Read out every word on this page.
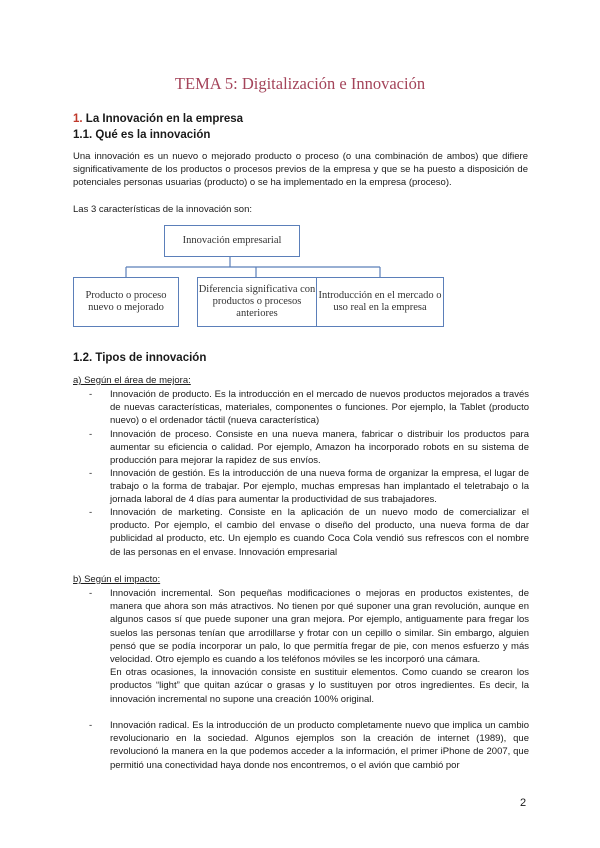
TEMA 5: Digitalización e Innovación
1. La Innovación en la empresa
1.1. Qué es la innovación

Una innovación es un nuevo o mejorado producto o proceso (o una combinación de ambos) que difiere significativamente de los productos o procesos previos de la empresa y que se ha puesto a disposición de potenciales personas usuarias (producto) o se ha implementado en la empresa (proceso).

Las 3 características de la innovación son:
Innovación empresarial
Producto o proceso nuevo o mejorado
Diferencia significativa con productos o procesos anteriores
Introducción en el mercado o uso real en la empresa
1.2. Tipos de innovación
a) Según el área de mejora:
- Innovación de producto. Es la introducción en el mercado de nuevos productos mejorados a través de nuevas características, materiales, componentes o funciones. Por ejemplo, la Tablet (producto nuevo) o el ordenador táctil (nueva característica)
- Innovación de proceso. Consiste en una nueva manera, fabricar o distribuir los productos para aumentar su eficiencia o calidad. Por ejemplo, Amazon ha incorporado robots en su sistema de producción para mejorar la rapidez de sus envíos.
- Innovación de gestión. Es la introducción de una nueva forma de organizar la empresa, el lugar de trabajo o la forma de trabajar. Por ejemplo, muchas empresas han implantado el teletrabajo o la jornada laboral de 4 días para aumentar la productividad de sus trabajadores.
- Innovación de marketing. Consiste en la aplicación de un nuevo modo de comercializar el producto. Por ejemplo, el cambio del envase o diseño del producto, una nueva forma de dar publicidad al producto, etc. Un ejemplo es cuando Coca Cola vendió sus refrescos con el nombre de las personas en el envase. Innovación empresarial
b) Según el impacto:
- Innovación incremental. Son pequeñas modificaciones o mejoras en productos existentes, de manera que ahora son más atractivos. No tienen por qué suponer una gran revolución, aunque en algunos casos sí que puede suponer una gran mejora. Por ejemplo, antiguamente para fregar los suelos las personas tenían que arrodillarse y frotar con un cepillo o similar. Sin embargo, alguien pensó que se podía incorporar un palo, lo que permitía fregar de pie, con menos esfuerzo y más velocidad. Otro ejemplo es cuando a los teléfonos móviles se les incorporó una cámara.
En otras ocasiones, la innovación consiste en sustituir elementos. Como cuando se crearon los productos “light” que quitan azúcar o grasas y lo sustituyen por otros ingredientes. Es decir, la innovación incremental no supone una creación 100% original.
- Innovación radical. Es la introducción de un producto completamente nuevo que implica un cambio revolucionario en la sociedad. Algunos ejemplos son la creación de internet (1989), que revolucionó la manera en la que podemos acceder a la información, el primer iPhone de 2007, que permitió una conectividad haya donde nos encontremos, o el avión que cambió por
2
